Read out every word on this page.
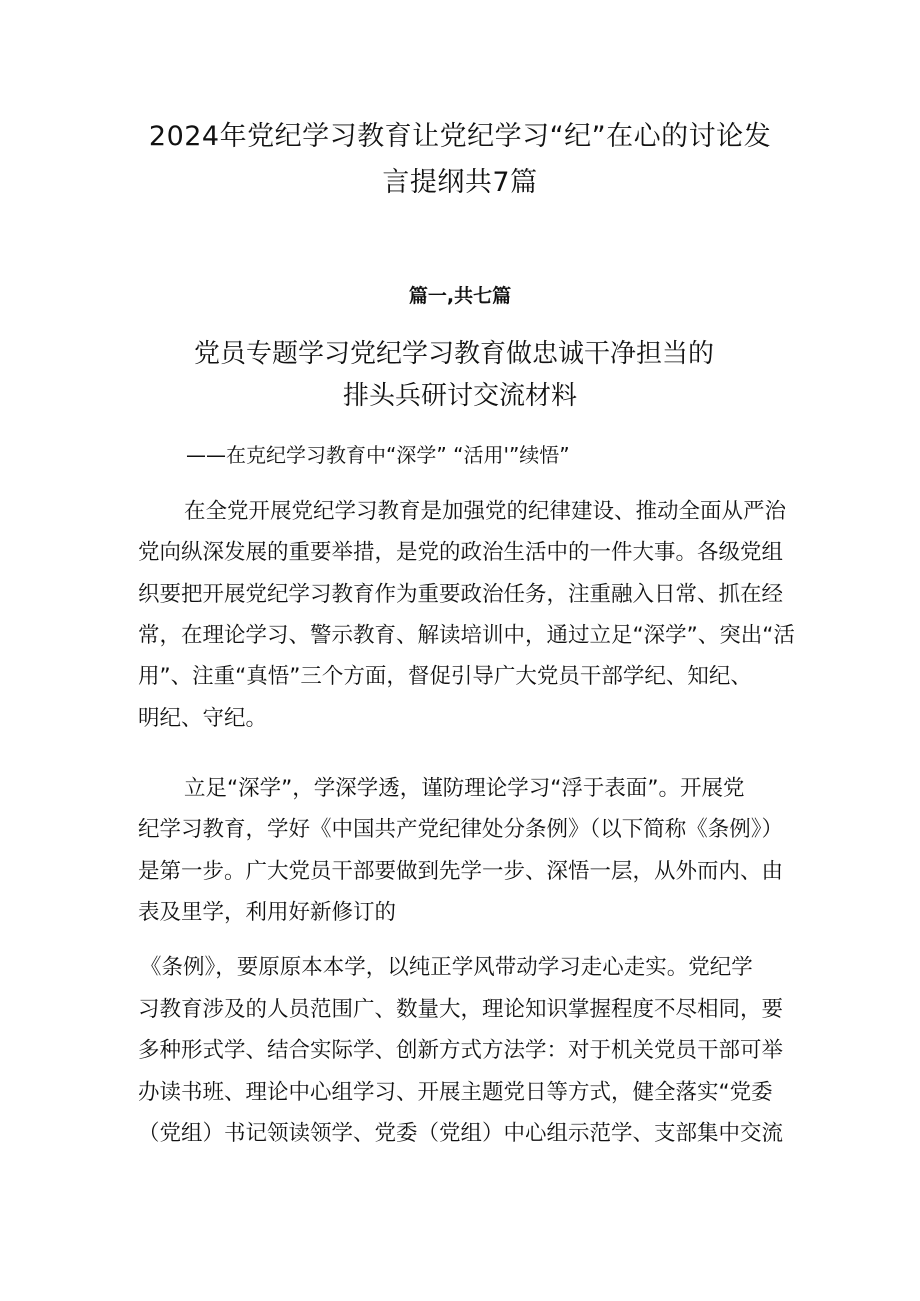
2024年党纪学习教育让党纪学习“纪”在心的讨论发
言提纲共7篇
篇一,共七篇
党员专题学习党纪学习教育做忠诚干净担当的
排头兵研讨交流材料
——在克纪学习教育中“深学” “活用'”续悟”
在全党开展党纪学习教育是加强党的纪律建设、推动全面从严治
党向纵深发展的重要举措，是党的政治生活中的一件大事。各级党组
织要把开展党纪学习教育作为重要政治任务，注重融入日常、抓在经
常，在理论学习、警示教育、解读培训中，通过立足“深学”、突出“活
用”、注重“真悟”三个方面，督促引导广大党员干部学纪、知纪、
明纪、守纪。
立足“深学”，学深学透，谨防理论学习“浮于表面”。开展党
纪学习教育，学好《中国共产党纪律处分条例》（以下简称《条例》）
是第一步。广大党员干部要做到先学一步、深悟一层，从外而内、由
表及里学，利用好新修订的
《条例》，要原原本本学，以纯正学风带动学习走心走实。党纪学
习教育涉及的人员范围广、数量大，理论知识掌握程度不尽相同，要
多种形式学、结合实际学、创新方式方法学：对于机关党员干部可举
办读书班、理论中心组学习、开展主题党日等方式，健全落实“党委
（党组）书记领读领学、党委（党组）中心组示范学、支部集中交流
